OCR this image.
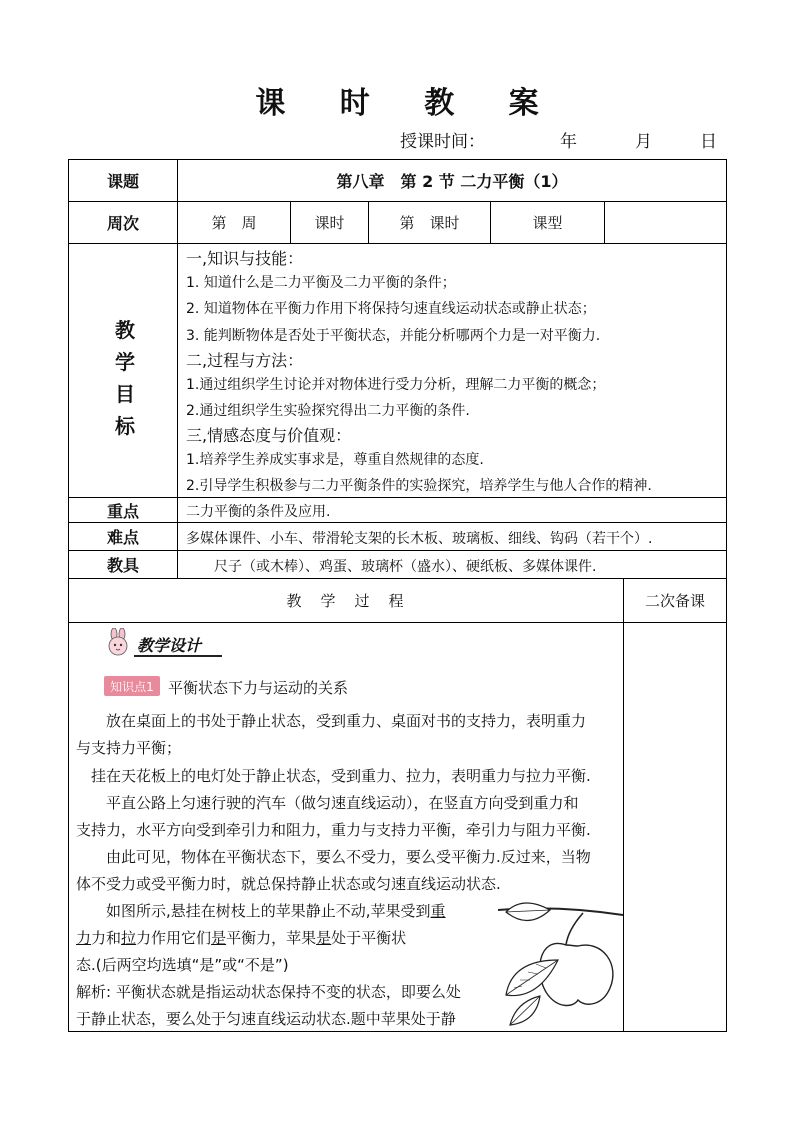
课 时 教 案
授课时间：	年	月	日
课题	第八章　第 2 节 二力平衡（1）
周次	第　周	课时	第　课时	课型
教
学
目
标
一,知识与技能：
1. 知道什么是二力平衡及二力平衡的条件；
2. 知道物体在平衡力作用下将保持匀速直线运动状态或静止状态；
3. 能判断物体是否处于平衡状态，并能分析哪两个力是一对平衡力.
二,过程与方法：
1.通过组织学生讨论并对物体进行受力分析，理解二力平衡的概念；
2.通过组织学生实验探究得出二力平衡的条件.
三,情感态度与价值观：
1.培养学生养成实事求是，尊重自然规律的态度.
2.引导学生积极参与二力平衡条件的实验探究，培养学生与他人合作的精神.
重点	二力平衡的条件及应用.
难点	多媒体课件、小车、带滑轮支架的长木板、玻璃板、细线、钩码（若干个）.
教具	尺子（或木棒）、鸡蛋、玻璃杯（盛水）、硬纸板、多媒体课件.
教　学　过　程	二次备课
教学设计
知识点1 平衡状态下力与运动的关系
　　放在桌面上的书处于静止状态，受到重力、桌面对书的支持力，表明重力
与支持力平衡；
　挂在天花板上的电灯处于静止状态，受到重力、拉力，表明重力与拉力平衡.
　　平直公路上匀速行驶的汽车（做匀速直线运动），在竖直方向受到重力和
支持力，水平方向受到牵引力和阻力，重力与支持力平衡，牵引力与阻力平衡.
　　由此可见，物体在平衡状态下，要么不受力，要么受平衡力.反过来，当物
体不受力或受平衡力时，就总保持静止状态或匀速直线运动状态.
　　如图所示,悬挂在树枝上的苹果静止不动,苹果受到重
力力和拉力作用它们是平衡力，苹果是处于平衡状
态.(后两空均选填“是”或“不是”)
解析: 平衡状态就是指运动状态保持不变的状态，即要么处
于静止状态，要么处于匀速直线运动状态.题中苹果处于静
